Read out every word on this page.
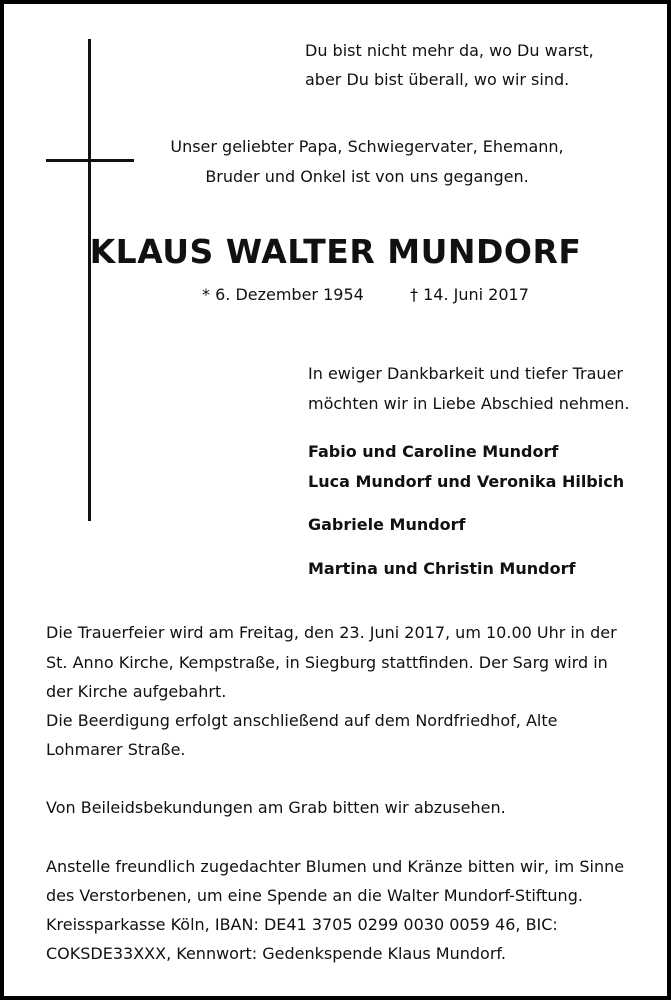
Du bist nicht mehr da, wo Du warst,
aber Du bist überall, wo wir sind.
Unser geliebter Papa, Schwiegervater, Ehemann,
Bruder und Onkel ist von uns gegangen.
KLAUS WALTER MUNDORF
* 6. Dezember 1954	† 14. Juni 2017
In ewiger Dankbarkeit und tiefer Trauer
möchten wir in Liebe Abschied nehmen.
Fabio und Caroline Mundorf
Luca Mundorf und Veronika Hilbich
Gabriele Mundorf
Martina und Christin Mundorf
Die Trauerfeier wird am Freitag, den 23. Juni 2017, um 10.00 Uhr in der
St. Anno Kirche, Kempstraße, in Siegburg stattfinden. Der Sarg wird in
der Kirche aufgebahrt.
Die Beerdigung erfolgt anschließend auf dem Nordfriedhof, Alte
Lohmarer Straße.
Von Beileidsbekundungen am Grab bitten wir abzusehen.
Anstelle freundlich zugedachter Blumen und Kränze bitten wir, im Sinne
des Verstorbenen, um eine Spende an die Walter Mundorf-Stiftung.
Kreissparkasse Köln, IBAN: DE41 3705 0299 0030 0059 46, BIC:
COKSDE33XXX, Kennwort: Gedenkspende Klaus Mundorf.
